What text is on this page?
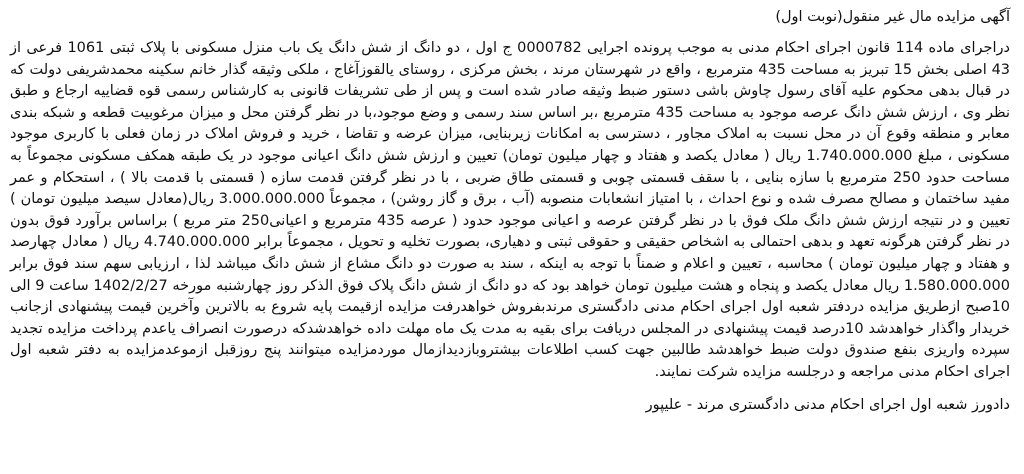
آگهی مزایده مال غیر منقول(نوبت اول)

دراجرای ماده 114 قانون اجرای احکام مدنی به موجب پرونده اجرایی 0000782 ج اول ، دو دانگ از شش دانگ یک باب منزل مسکونی با پلاک ثبتی 1061 فرعی از 43 اصلی بخش 15 تبریز به مساحت 435 مترمربع ، واقع در شهرستان مرند ، بخش مرکزی ، روستای یالقوزآغاج ، ملکی وثیقه گذار خانم سکینه محمدشریفی دولت که در قبال بدهی محکوم علیه آقای رسول چاوش باشی دستور ضبط وثیقه صادر شده است و پس از طی تشریفات قانونی به کارشناس رسمی قوه قضاییه ارجاع و طبق نظر وی ، ارزش شش دانگ عرصه موجود به مساحت 435 مترمربع ،بر اساس سند رسمی و وضع موجود،با در نظر گرفتن محل و میزان مرغوبیت قطعه و شبکه بندی معابر و منطقه وقوع آن در محل نسبت به املاک مجاور ، دسترسی به امکانات زیربنایی، میزان عرضه و تقاضا ، خرید و فروش املاک در زمان فعلی با کاربری موجود مسکونی ، مبلغ 1.740.000.000 ریال ( معادل یکصد و هفتاد و چهار میلیون تومان) تعیین و ارزش شش دانگ اعیانی موجود در یک طبقه همکف مسکونی مجموعاً به مساحت حدود 250 مترمربع با سازه بنایی ، با سقف قسمتی چوبی و قسمتی طاق ضربی ، با در نظر گرفتن قدمت سازه ( قسمتی با قدمت بالا ) ، استحکام و عمر مفید ساختمان و مصالح مصرف شده و نوع احداث ، با امتیاز انشعابات منصوبه (آب ، برق و گاز روشن) ، مجموعاً 3.000.000.000 ریال(معادل سیصد میلیون تومان ) تعیین و در نتیجه ارزش شش دانگ ملک فوق با در نظر گرفتن عرصه و اعیانی موجود حدود ( عرصه 435 مترمربع و اعیانی250 متر مربع ) براساس برآورد فوق بدون در نظر گرفتن هرگونه تعهد و بدهی احتمالی به اشخاص حقیقی و حقوقی ثبتی و دهیاری، بصورت تخلیه و تحویل ، مجموعاً برابر 4.740.000.000 ریال ( معادل چهارصد و هفتاد و چهار میلیون تومان ) محاسبه ، تعیین و اعلام و ضمناً با توجه به اینکه ، سند به صورت دو دانگ مشاع از شش دانگ میباشد لذا ، ارزیابی سهم سند فوق برابر 1.580.000.000 ریال معادل یکصد و پنجاه و هشت میلیون تومان خواهد بود که دو دانگ از شش دانگ پلاک فوق الذکر روز چهارشنبه مورخه 1402/2/27 ساعت 9 الی 10صبح ازطریق مزایده دردفتر شعبه اول اجرای احکام مدنی دادگستری مرندبفروش خواهدرفت مزایده ازقیمت پایه شروع به بالاترین وآخرین قیمت پیشنهادی ازجانب خریدار واگذار خواهدشد 10درصد قیمت پیشنهادی در المجلس دریافت برای بقیه به مدت یک ماه مهلت داده خواهدشدکه درصورت انصراف یاعدم پرداخت مزایده تجدید سپرده واریزی بنفع صندوق دولت ضبط خواهدشد طالبین جهت کسب اطلاعات بیشتروبازدیدازمال موردمزایده میتوانند پنج روزقبل ازموعدمزایده به دفتر شعبه اول اجرای احکام مدنی مراجعه و درجلسه مزایده شرکت نمایند.

دادورز شعبه اول اجرای احکام مدنی دادگستری مرند - علیپور
